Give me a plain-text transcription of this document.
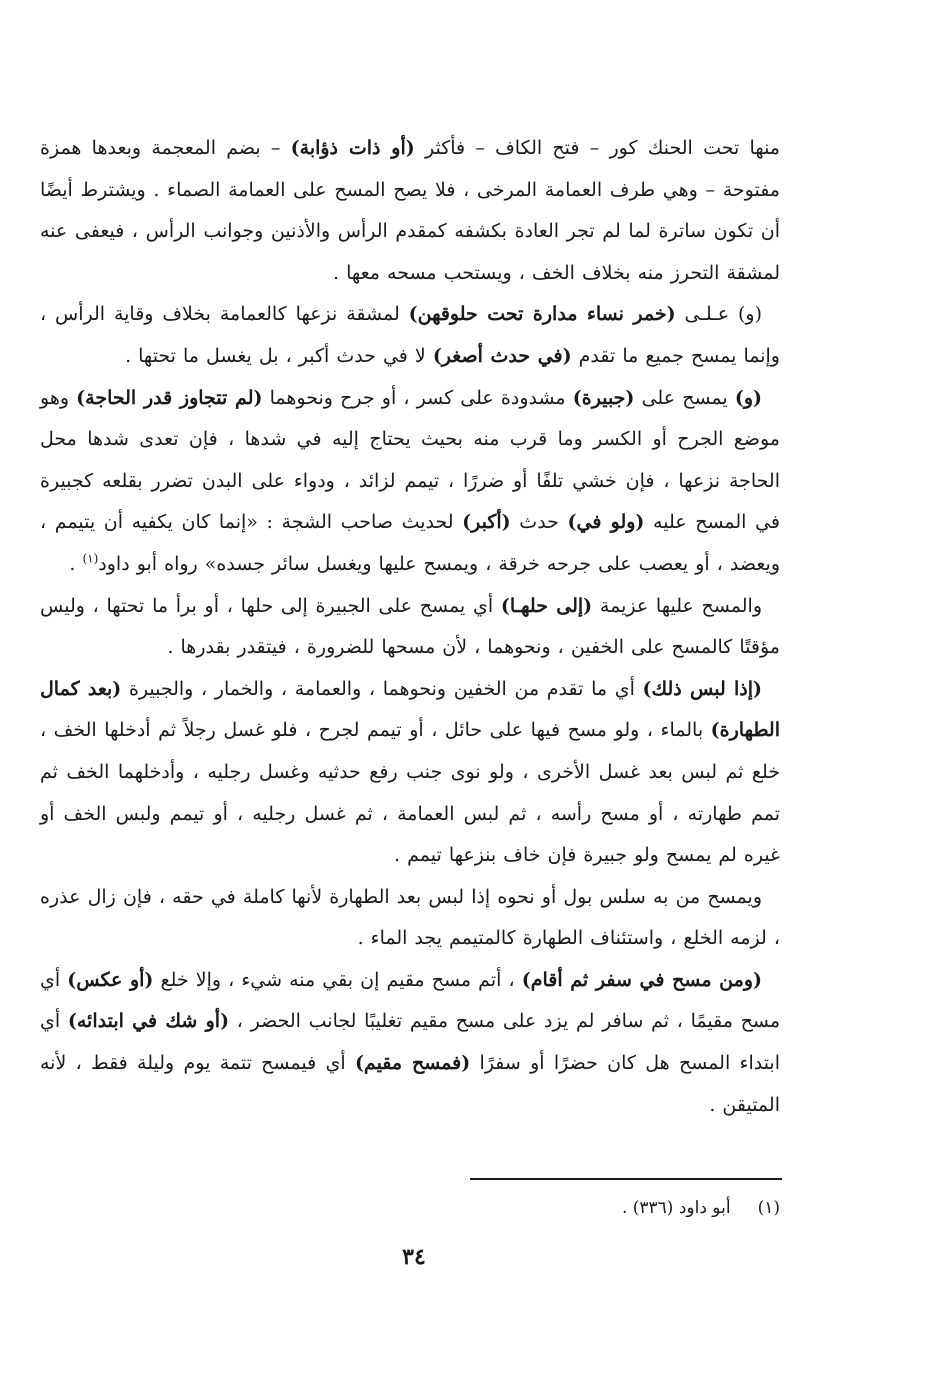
منها تحت الحنك كور – فتح الكاف – فأكثر (أو ذات ذؤابة) – بضم المعجمة وبعدها همزة مفتوحة – وهي طرف العمامة المرخى ، فلا يصح المسح على العمامة الصماء . ويشترط أيضًا أن تكون ساترة لما لم تجر العادة بكشفه كمقدم الرأس والأذنين وجوانب الرأس ، فيعفى عنه لمشقة التحرز منه بخلاف الخف ، ويستحب مسحه معها .

(و) عـلـى (خمر نساء مدارة تحت حلوقهن) لمشقة نزعها كالعمامة بخلاف وقاية الرأس ، وإنما يمسح جميع ما تقدم (في حدث أصغر) لا في حدث أكبر ، بل يغسل ما تحتها .

(و) يمسح على (جبيرة) مشدودة على كسر ، أو جرح ونحوهما (لم تتجاوز قدر الحاجة) وهو موضع الجرح أو الكسر وما قرب منه بحيث يحتاج إليه في شدها ، فإن تعدى شدها محل الحاجة نزعها ، فإن خشي تلفًا أو ضررًا ، تيمم لزائد ، ودواء على البدن تضرر بقلعه كجبيرة في المسح عليه (ولو في) حدث (أكبر) لحديث صاحب الشجة : «إنما كان يكفيه أن يتيمم ، ويعضد ، أو يعصب على جرحه خرقة ، ويمسح عليها ويغسل سائر جسده» رواه أبو داود$^{(١)}$ .

والمسح عليها عزيمة (إلى حلهـا) أي يمسح على الجبيرة إلى حلها ، أو برأ ما تحتها ، وليس مؤقتًا كالمسح على الخفين ، ونحوهما ، لأن مسحها للضرورة ، فيتقدر بقدرها .

(إذا لبس ذلك) أي ما تقدم من الخفين ونحوهما ، والعمامة ، والخمار ، والجبيرة (بعد كمال الطهارة) بالماء ، ولو مسح فيها على حائل ، أو تيمم لجرح ، فلو غسل رجلاً ثم أدخلها الخف ، خلع ثم لبس بعد غسل الأخرى ، ولو نوى جنب رفع حدثيه وغسل رجليه ، وأدخلهما الخف ثم تمم طهارته ، أو مسح رأسه ، ثم لبس العمامة ، ثم غسل رجليه ، أو تيمم ولبس الخف أو غيره لم يمسح ولو جبيرة فإن خاف بنزعها تيمم .

ويمسح من به سلس بول أو نحوه إذا لبس بعد الطهارة لأنها كاملة في حقه ، فإن زال عذره ، لزمه الخلع ، واستئناف الطهارة كالمتيمم يجد الماء .

(ومن مسح في سفر ثم أقام) ، أتم مسح مقيم إن بقي منه شيء ، وإلا خلع (أو عكس) أي مسح مقيمًا ، ثم سافر لم يزد على مسح مقيم تغليبًا لجانب الحضر ، (أو شك في ابتدائه) أي ابتداء المسح هل كان حضرًا أو سفرًا (فمسح مقيم) أي فيمسح تتمة يوم وليلة فقط ، لأنه المتيقن .

(١)     أبو داود (٣٣٦) .
٣٤
